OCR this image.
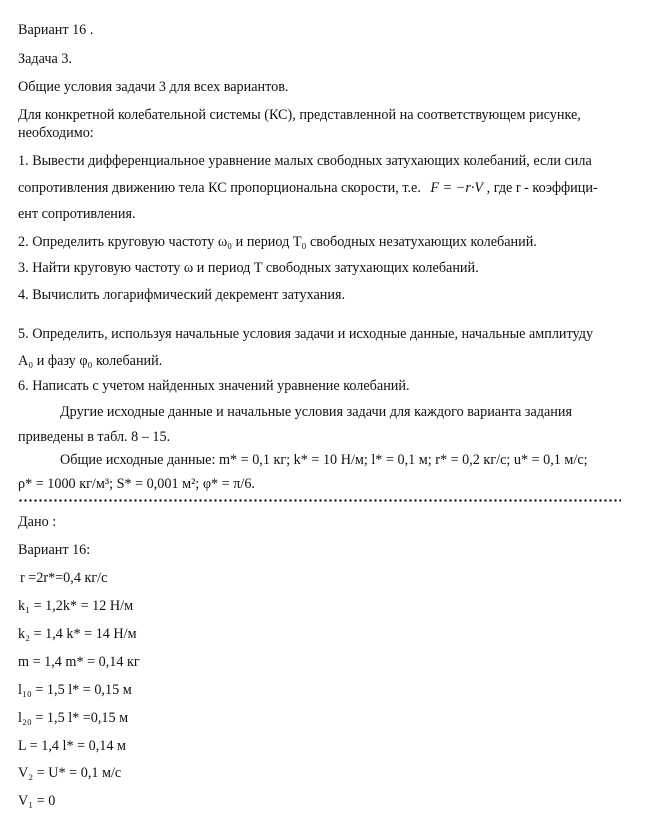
Вариант 16 .
Задача 3.
Общие условия задачи 3 для всех вариантов.
Для конкретной колебательной системы (КС), представленной на соответствующем рисунке,
необходимо:
1. Вывести дифференциальное уравнение малых свободных затухающих колебаний, если сила
сопротивления движению тела КС пропорциональна скорости, т.е. F = −r·V , где r - коэффици-
ент сопротивления.
2. Определить круговую частоту ω₀ и период T₀ свободных незатухающих колебаний.
3. Найти круговую частоту ω и период T свободных затухающих колебаний.
4. Вычислить логарифмический декремент затухания.
5. Определить, используя начальные условия задачи и исходные данные, начальные амплитуду
A₀ и фазу φ₀ колебаний.
6. Написать с учетом найденных значений уравнение колебаний.
Другие исходные данные и начальные условия задачи для каждого варианта задания
приведены в табл. 8 – 15.
Общие исходные данные: m* = 0,1 кг; k* = 10 Н/м; l* = 0,1 м; r* = 0,2 кг/с; u* = 0,1 м/с;
ρ* = 1000 кг/м³; S* = 0,001 м²; φ* = π/6.
Дано :
Вариант 16:
r =2r*=0,4 кг/с
k₁ = 1,2k* = 12 Н/м
k₂ = 1,4 k* = 14 Н/м
m = 1,4 m* = 0,14 кг
l₁₀ = 1,5 l* = 0,15 м
l₂₀ = 1,5 l* =0,15 м
L = 1,4 l* = 0,14 м
V₂ = U* = 0,1 м/с
V₁ = 0
